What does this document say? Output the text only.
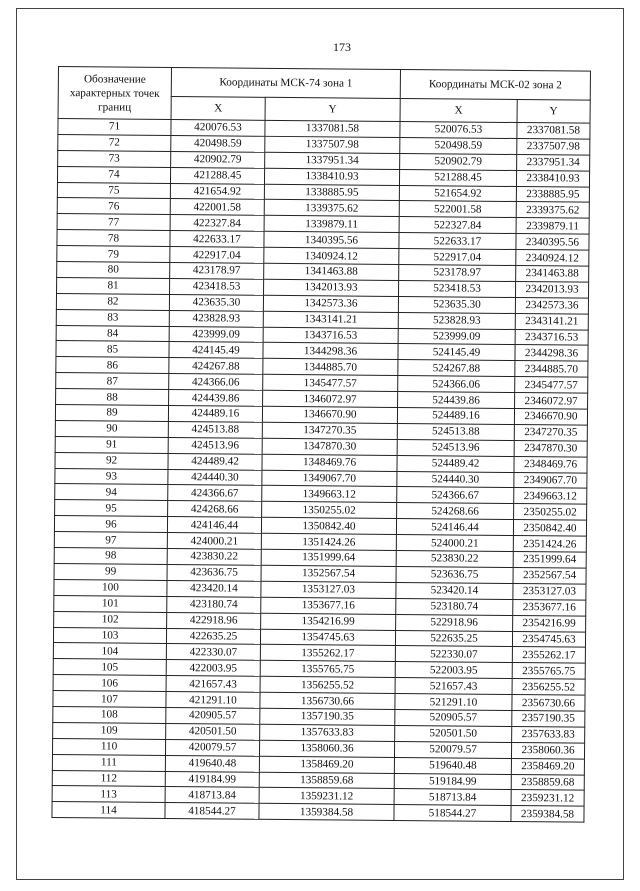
173
Обозначение характерных точек границ	Координаты МСК-74 зона 1		Координаты МСК-02 зона 2	
	X	Y	X	Y
71	420076.53	1337081.58	520076.53	2337081.58
72	420498.59	1337507.98	520498.59	2337507.98
73	420902.79	1337951.34	520902.79	2337951.34
74	421288.45	1338410.93	521288.45	2338410.93
75	421654.92	1338885.95	521654.92	2338885.95
76	422001.58	1339375.62	522001.58	2339375.62
77	422327.84	1339879.11	522327.84	2339879.11
78	422633.17	1340395.56	522633.17	2340395.56
79	422917.04	1340924.12	522917.04	2340924.12
80	423178.97	1341463.88	523178.97	2341463.88
81	423418.53	1342013.93	523418.53	2342013.93
82	423635.30	1342573.36	523635.30	2342573.36
83	423828.93	1343141.21	523828.93	2343141.21
84	423999.09	1343716.53	523999.09	2343716.53
85	424145.49	1344298.36	524145.49	2344298.36
86	424267.88	1344885.70	524267.88	2344885.70
87	424366.06	1345477.57	524366.06	2345477.57
88	424439.86	1346072.97	524439.86	2346072.97
89	424489.16	1346670.90	524489.16	2346670.90
90	424513.88	1347270.35	524513.88	2347270.35
91	424513.96	1347870.30	524513.96	2347870.30
92	424489.42	1348469.76	524489.42	2348469.76
93	424440.30	1349067.70	524440.30	2349067.70
94	424366.67	1349663.12	524366.67	2349663.12
95	424268.66	1350255.02	524268.66	2350255.02
96	424146.44	1350842.40	524146.44	2350842.40
97	424000.21	1351424.26	524000.21	2351424.26
98	423830.22	1351999.64	523830.22	2351999.64
99	423636.75	1352567.54	523636.75	2352567.54
100	423420.14	1353127.03	523420.14	2353127.03
101	423180.74	1353677.16	523180.74	2353677.16
102	422918.96	1354216.99	522918.96	2354216.99
103	422635.25	1354745.63	522635.25	2354745.63
104	422330.07	1355262.17	522330.07	2355262.17
105	422003.95	1355765.75	522003.95	2355765.75
106	421657.43	1356255.52	521657.43	2356255.52
107	421291.10	1356730.66	521291.10	2356730.66
108	420905.57	1357190.35	520905.57	2357190.35
109	420501.50	1357633.83	520501.50	2357633.83
110	420079.57	1358060.36	520079.57	2358060.36
111	419640.48	1358469.20	519640.48	2358469.20
112	419184.99	1358859.68	519184.99	2358859.68
113	418713.84	1359231.12	518713.84	2359231.12
114	418544.27	1359384.58	518544.27	2359384.58
